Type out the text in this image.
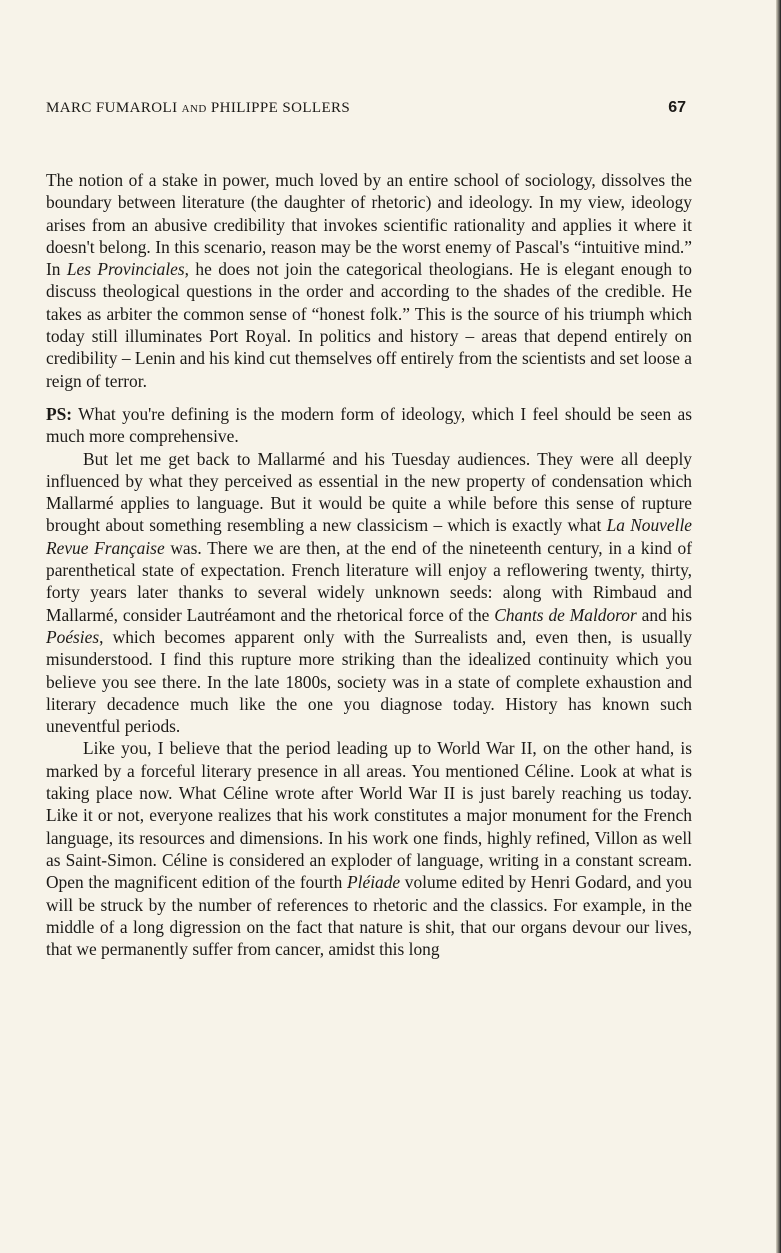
MARC FUMAROLI AND PHILIPPE SOLLERS	67

The notion of a stake in power, much loved by an entire school of sociology, dissolves the boundary between literature (the daughter of rhetoric) and ideology. In my view, ideology arises from an abusive credibility that invokes scientific rationality and applies it where it doesn't belong. In this scenario, reason may be the worst enemy of Pascal's “intuitive mind.” In Les Provinciales, he does not join the categorical theologians. He is elegant enough to discuss theological questions in the order and according to the shades of the credible. He takes as arbiter the common sense of “honest folk.” This is the source of his triumph which today still illuminates Port Royal. In politics and history – areas that depend entirely on credibility – Lenin and his kind cut themselves off entirely from the scientists and set loose a reign of terror.

PS: What you're defining is the modern form of ideology, which I feel should be seen as much more comprehensive.

But let me get back to Mallarmé and his Tuesday audiences. They were all deeply influenced by what they perceived as essential in the new property of condensation which Mallarmé applies to language. But it would be quite a while before this sense of rupture brought about something resembling a new classicism – which is exactly what La Nouvelle Revue Française was. There we are then, at the end of the nineteenth century, in a kind of parenthetical state of expectation. French literature will enjoy a reflowering twenty, thirty, forty years later thanks to several widely unknown seeds: along with Rimbaud and Mallarmé, consider Lautréamont and the rhetorical force of the Chants de Maldoror and his Poésies, which becomes apparent only with the Surrealists and, even then, is usually misunderstood. I find this rupture more striking than the idealized continuity which you believe you see there. In the late 1800s, society was in a state of complete exhaustion and literary decadence much like the one you diagnose today. History has known such uneventful periods.

Like you, I believe that the period leading up to World War II, on the other hand, is marked by a forceful literary presence in all areas. You mentioned Céline. Look at what is taking place now. What Céline wrote after World War II is just barely reaching us today. Like it or not, everyone realizes that his work constitutes a major monument for the French language, its resources and dimensions. In his work one finds, highly refined, Villon as well as Saint-Simon. Céline is considered an exploder of language, writing in a constant scream. Open the magnificent edition of the fourth Pléiade volume edited by Henri Godard, and you will be struck by the number of references to rhetoric and the classics. For example, in the middle of a long digression on the fact that nature is shit, that our organs devour our lives, that we permanently suffer from cancer, amidst this long
